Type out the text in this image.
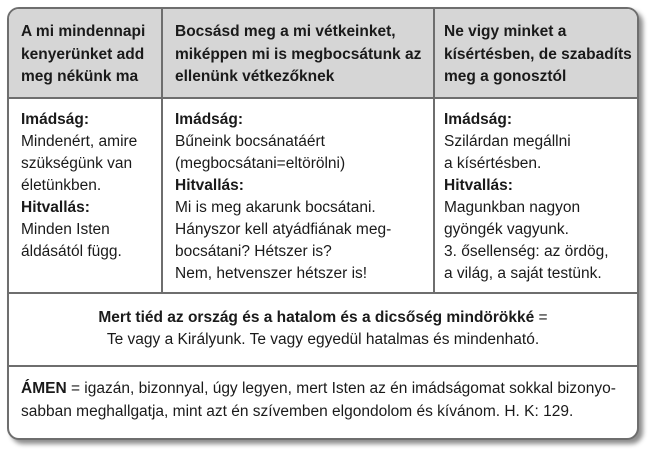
A mi mindennapi
kenyerünket add
meg nékünk ma
Imádság:
Mindenért, amire
szükségünk van
életünkben.
Hitvallás:
Minden Isten
áldásától függ.
Bocsásd meg a mi vétkeinket,
miképpen mi is megbocsátunk az
ellenünk vétkezőknek
Imádság:
Bűneink bocsánatáért
(megbocsátani=eltörölni)
Hitvallás:
Mi is meg akarunk bocsátani.
Hányszor kell atyádfiának meg-
bocsátani? Hétszer is?
Nem, hetvenszer hétszer is!
Ne vigy minket a
kísértésben, de szabadíts
meg a gonosztól
Imádság:
Szilárdan megállni
a kísértésben.
Hitvallás:
Magunkban nagyon
gyöngék vagyunk.
3. ősellenség: az ördög,
a világ, a saját testünk.
Mert tiéd az ország és a hatalom és a dicsőség mindörökké =
Te vagy a Királyunk. Te vagy egyedül hatalmas és mindenható.
ÁMEN = igazán, bizonnyal, úgy legyen, mert Isten az én imádságomat sokkal bizonyo-
sabban meghallgatja, mint azt én szívemben elgondolom és kívánom. H. K: 129.
